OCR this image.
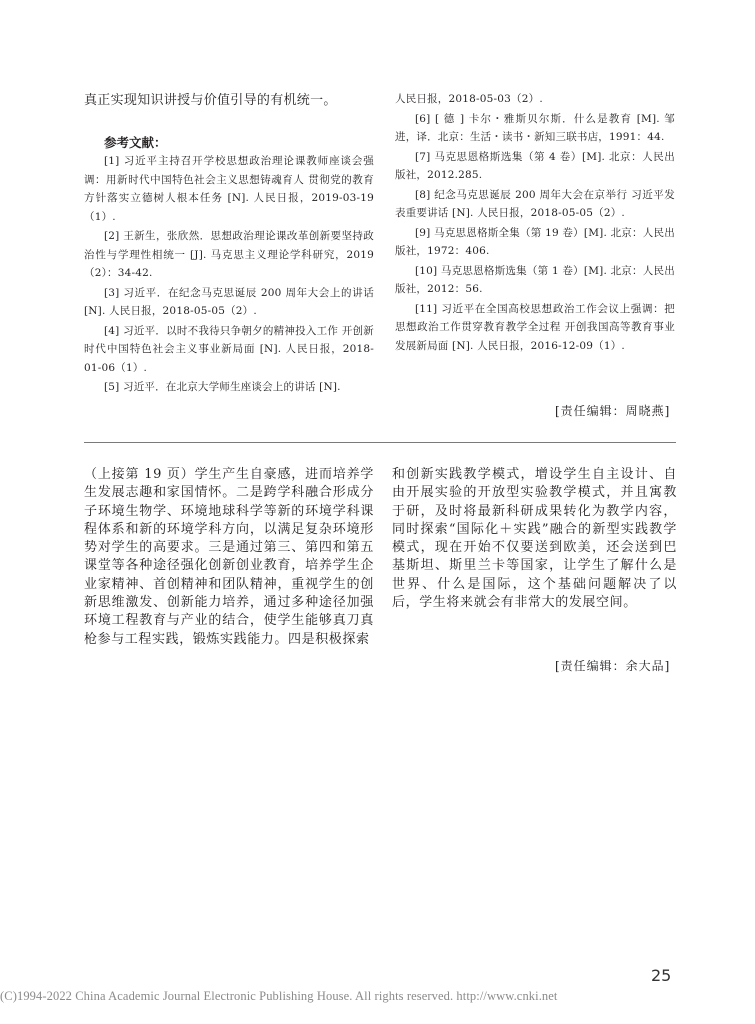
真正实现知识讲授与价值引导的有机统一。

参考文献：

[1] 习近平主持召开学校思想政治理论课教师座谈会强调：用新时代中国特色社会主义思想铸魂育人 贯彻党的教育方针落实立德树人根本任务 [N]. 人民日报，2019-03-19（1）.

[2] 王新生，张欣然．思想政治理论课改革创新要坚持政治性与学理性相统一 [J]. 马克思主义理论学科研究，2019（2）：34-42.

[3] 习近平．在纪念马克思诞辰 200 周年大会上的讲话 [N]. 人民日报，2018-05-05（2）.

[4] 习近平．以时不我待只争朝夕的精神投入工作 开创新时代中国特色社会主义事业新局面 [N]. 人民日报，2018-01-06（1）.

[5] 习近平．在北京大学师生座谈会上的讲话 [N].

人民日报，2018-05-03（2）.

[6] [ 德 ] 卡尔・雅斯贝尔斯．什么是教育 [M]. 邹进，译．北京：生活・读书・新知三联书店，1991：44.

[7] 马克思恩格斯选集（第 4 卷）[M]. 北京：人民出版社，2012.285.

[8] 纪念马克思诞辰 200 周年大会在京举行 习近平发表重要讲话 [N]. 人民日报，2018-05-05（2）.

[9] 马克思恩格斯全集（第 19 卷）[M]. 北京：人民出版社，1972：406.

[10] 马克思恩格斯选集（第 1 卷）[M]. 北京：人民出版社，2012：56.

[11] 习近平在全国高校思想政治工作会议上强调：把思想政治工作贯穿教育教学全过程 开创我国高等教育事业发展新局面 [N]. 人民日报，2016-12-09（1）.

[责任编辑：周晓燕]

（上接第 19 页）学生产生自豪感，进而培养学生发展志趣和家国情怀。二是跨学科融合形成分子环境生物学、环境地球科学等新的环境学科课程体系和新的环境学科方向，以满足复杂环境形势对学生的高要求。三是通过第三、第四和第五课堂等各种途径强化创新创业教育，培养学生企业家精神、首创精神和团队精神，重视学生的创新思维激发、创新能力培养，通过多种途径加强环境工程教育与产业的结合，使学生能够真刀真枪参与工程实践，锻炼实践能力。四是积极探索

和创新实践教学模式，增设学生自主设计、自由开展实验的开放型实验教学模式，并且寓教于研，及时将最新科研成果转化为教学内容，同时探索“国际化＋实践”融合的新型实践教学模式，现在开始不仅要送到欧美，还会送到巴基斯坦、斯里兰卡等国家，让学生了解什么是世界、什么是国际，这个基础问题解决了以后，学生将来就会有非常大的发展空间。

[责任编辑：余大品]

25
(C)1994-2022 China Academic Journal Electronic Publishing House. All rights reserved. http://www.cnki.net
